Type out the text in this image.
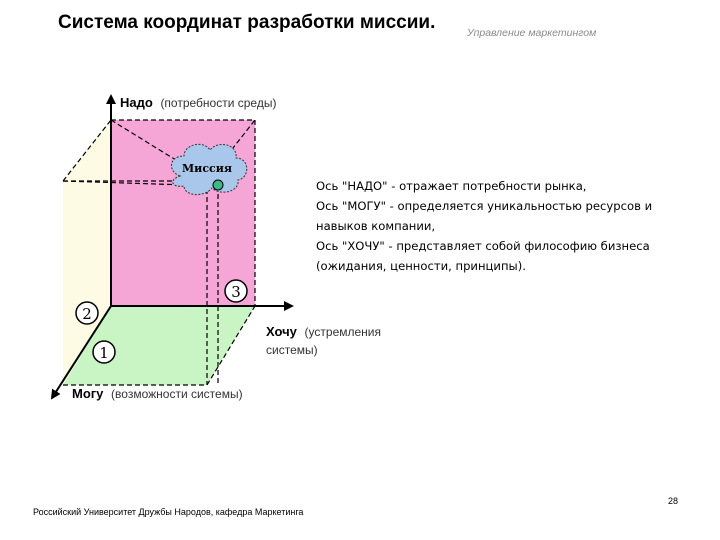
Система координат разработки миссии.	Управление маркетингом
Надо (потребности среды)
Хочу (устремления
системы)
Могу (возможности системы)
Миссия
1
2
3
Ось "НАДО" - отражает потребности рынка,
Ось "МОГУ" - определяется уникальностью ресурсов и
навыков компании,
Ось "ХОЧУ" - представляет собой философию бизнеса
(ожидания, ценности, принципы).
28
Российский Университет Дружбы Народов, кафедра Маркетинга
